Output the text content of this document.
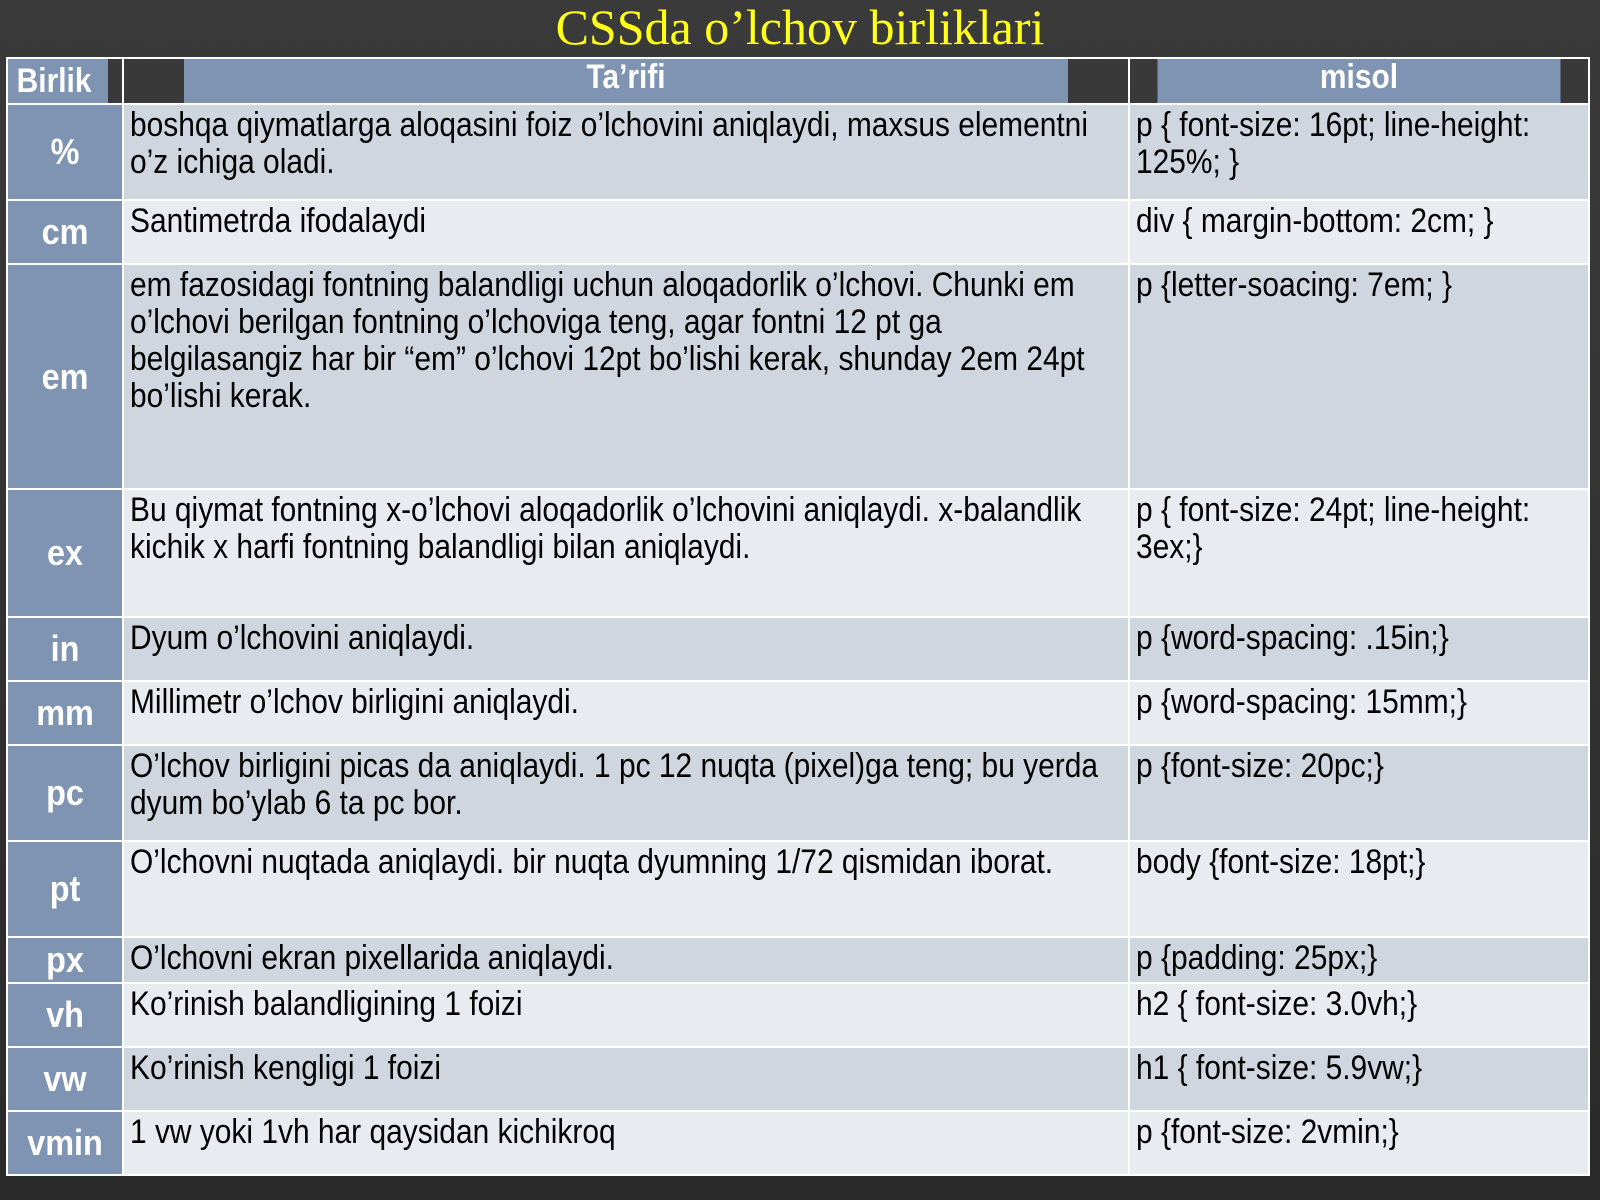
CSSda o’lchov birliklari
Birlik	Ta’rifi	misol
%	boshqa qiymatlarga aloqasini foiz o’lchovini aniqlaydi, maxsus elementni o’z ichiga oladi.	p { font-size: 16pt; line-height: 125%; }
cm	Santimetrda ifodalaydi	div { margin-bottom: 2cm; }
em	em fazosidagi fontning balandligi uchun aloqadorlik o’lchovi. Chunki em o’lchovi berilgan fontning o’lchoviga teng, agar fontni 12 pt ga belgilasangiz har bir “em” o’lchovi 12pt bo’lishi kerak, shunday 2em 24pt bo’lishi kerak.	p {letter-soacing: 7em; }
ex	Bu qiymat fontning x-o’lchovi aloqadorlik o’lchovini aniqlaydi. x-balandlik kichik x harfi fontning balandligi bilan aniqlaydi.	p { font-size: 24pt; line-height: 3ex;}
in	Dyum o’lchovini aniqlaydi.	p {word-spacing: .15in;}
mm	Millimetr o’lchov birligini aniqlaydi.	p {word-spacing: 15mm;}
pc	O’lchov birligini picas da aniqlaydi. 1 pc 12 nuqta (pixel)ga teng; bu yerda dyum bo’ylab 6 ta pc bor.	p {font-size: 20pc;}
pt	O’lchovni nuqtada aniqlaydi. bir nuqta dyumning 1/72 qismidan iborat.	body {font-size: 18pt;}
px	O’lchovni ekran pixellarida aniqlaydi.	p {padding: 25px;}
vh	Ko’rinish balandligining 1 foizi	h2 { font-size: 3.0vh;}
vw	Ko’rinish kengligi 1 foizi	h1 { font-size: 5.9vw;}
vmin	1 vw yoki 1vh har qaysidan kichikroq	p {font-size: 2vmin;}
